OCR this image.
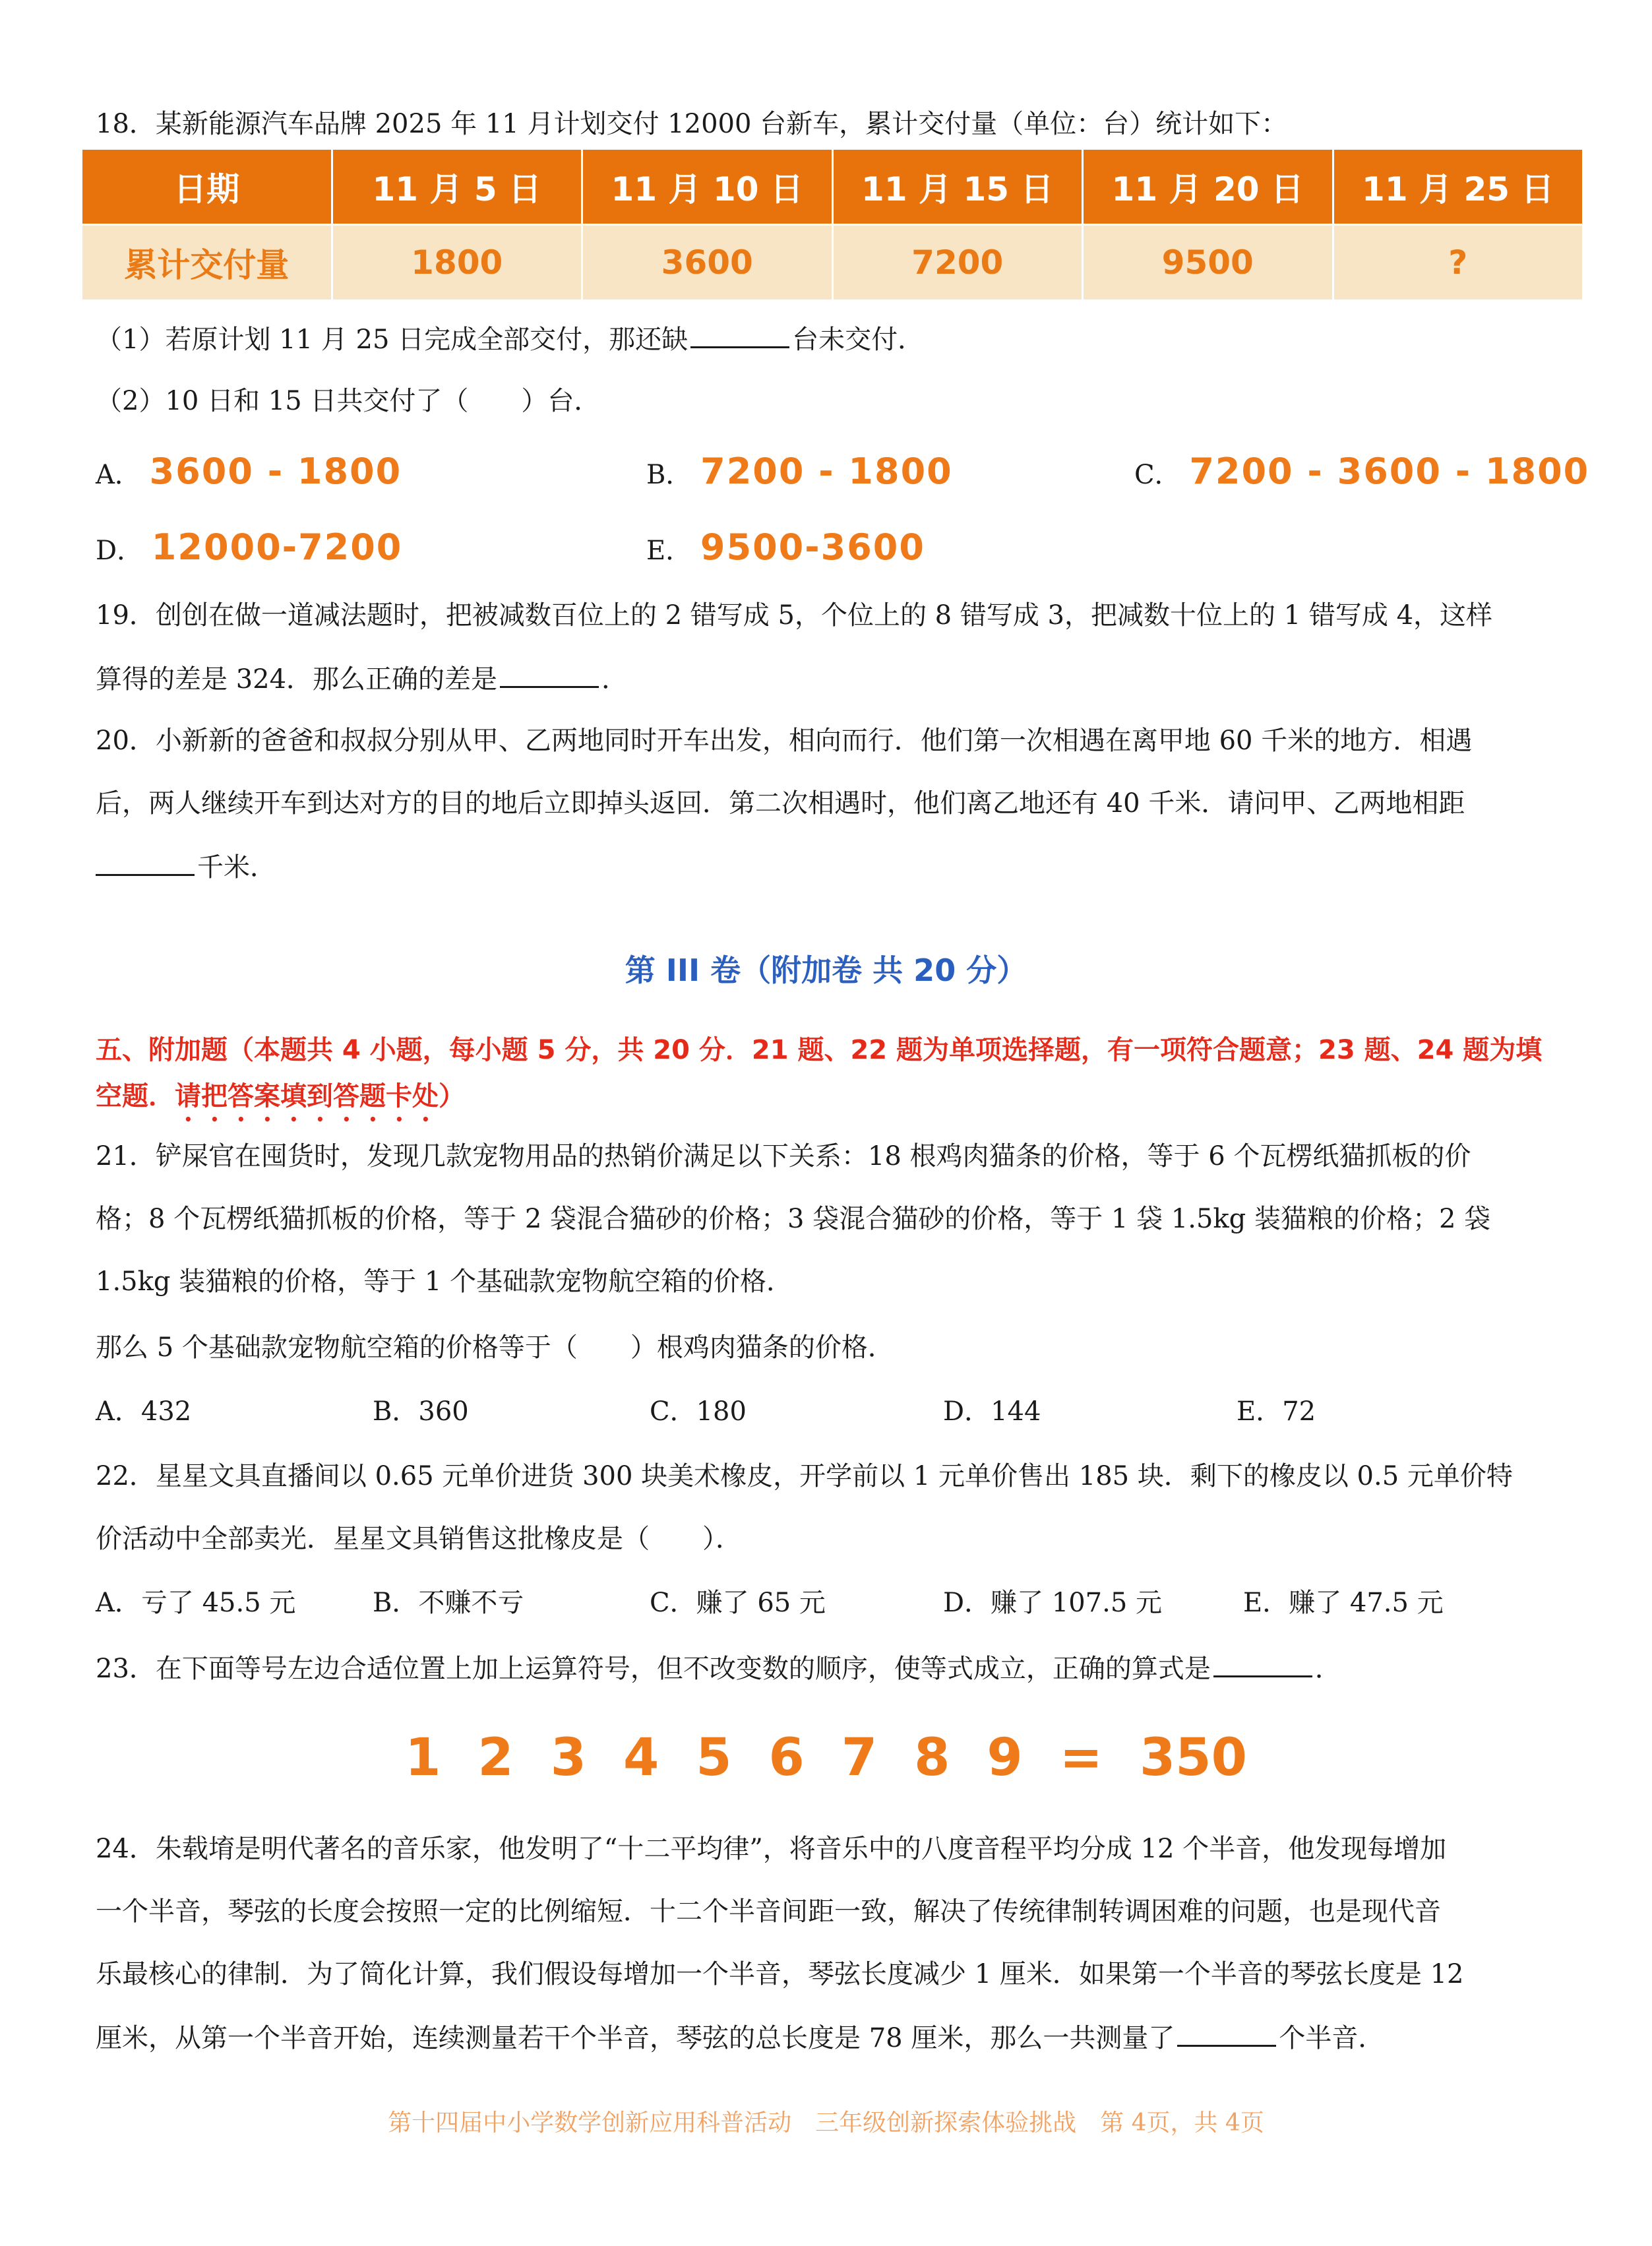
18．某新能源汽车品牌 2025 年 11 月计划交付 12000 台新车，累计交付量（单位：台）统计如下：
日期	11 月 5 日	11 月 10 日	11 月 15 日	11 月 20 日	11 月 25 日
累计交付量	1800	3600	7200	9500	?
（1）若原计划 11 月 25 日完成全部交付，那还缺	台未交付．
（2）10 日和 15 日共交付了（　　）台．
A． 3600 - 1800	B． 7200 - 1800	C． 7200 - 3600 - 1800
D． 12000-7200	E． 9500-3600
19．创创在做一道减法题时，把被减数百位上的 2 错写成 5，个位上的 8 错写成 3，把减数十位上的 1 错写成 4，这样
算得的差是 324．那么正确的差是	．
20．小新新的爸爸和叔叔分别从甲、乙两地同时开车出发，相向而行．他们第一次相遇在离甲地 60 千米的地方．相遇
后，两人继续开车到达对方的目的地后立即掉头返回．第二次相遇时，他们离乙地还有 40 千米．请问甲、乙两地相距
千米．
第 III 卷（附加卷 共 20 分）
五、附加题（本题共 4 小题，每小题 5 分，共 20 分．21 题、22 题为单项选择题，有一项符合题意；23 题、24 题为填
空题．请把答案填到答题卡处）
21．铲屎官在囤货时，发现几款宠物用品的热销价满足以下关系：18 根鸡肉猫条的价格，等于 6 个瓦楞纸猫抓板的价
格；8 个瓦楞纸猫抓板的价格，等于 2 袋混合猫砂的价格；3 袋混合猫砂的价格，等于 1 袋 1.5kg 装猫粮的价格；2 袋
1.5kg 装猫粮的价格，等于 1 个基础款宠物航空箱的价格．
那么 5 个基础款宠物航空箱的价格等于（　　）根鸡肉猫条的价格．
A．432	B．360	C．180	D．144	E．72
22．星星文具直播间以 0.65 元单价进货 300 块美术橡皮，开学前以 1 元单价售出 185 块．剩下的橡皮以 0.5 元单价特
价活动中全部卖光．星星文具销售这批橡皮是（　　）．
A．亏了 45.5 元	B．不赚不亏	C．赚了 65 元	D．赚了 107.5 元	E．赚了 47.5 元
23．在下面等号左边合适位置上加上运算符号，但不改变数的顺序，使等式成立，正确的算式是	．
1 2 3 4 5 6 7 8 9 = 350
24．朱载堉是明代著名的音乐家，他发明了“十二平均律”，将音乐中的八度音程平均分成 12 个半音，他发现每增加
一个半音，琴弦的长度会按照一定的比例缩短．十二个半音间距一致，解决了传统律制转调困难的问题，也是现代音
乐最核心的律制．为了简化计算，我们假设每增加一个半音，琴弦长度减少 1 厘米．如果第一个半音的琴弦长度是 12
厘米，从第一个半音开始，连续测量若干个半音，琴弦的总长度是 78 厘米，那么一共测量了	个半音．
第十四届中小学数学创新应用科普活动　三年级创新探索体验挑战　第 4页，共 4页
